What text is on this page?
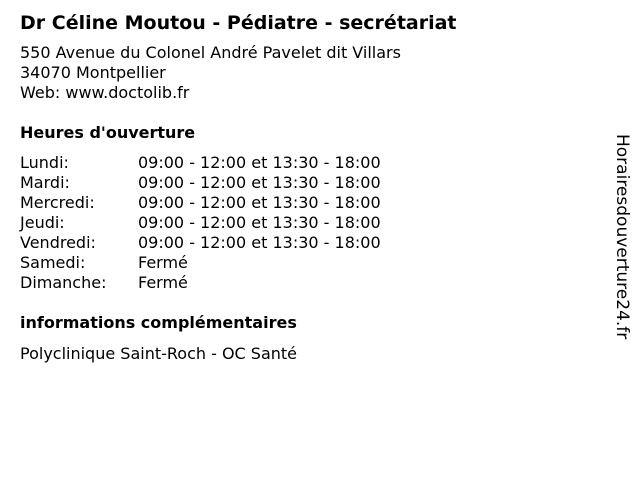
Dr Céline Moutou - Pédiatre - secrétariat
550 Avenue du Colonel André Pavelet dit Villars
34070 Montpellier
Web: www.doctolib.fr
Heures d'ouverture
Lundi:	09:00 - 12:00 et 13:30 - 18:00
Mardi:	09:00 - 12:00 et 13:30 - 18:00
Mercredi:	09:00 - 12:00 et 13:30 - 18:00
Jeudi:	09:00 - 12:00 et 13:30 - 18:00
Vendredi:	09:00 - 12:00 et 13:30 - 18:00
Samedi:	Fermé
Dimanche: Fermé
informations complémentaires
Polyclinique Saint-Roch - OC Santé
Horairesdouverture24.fr
